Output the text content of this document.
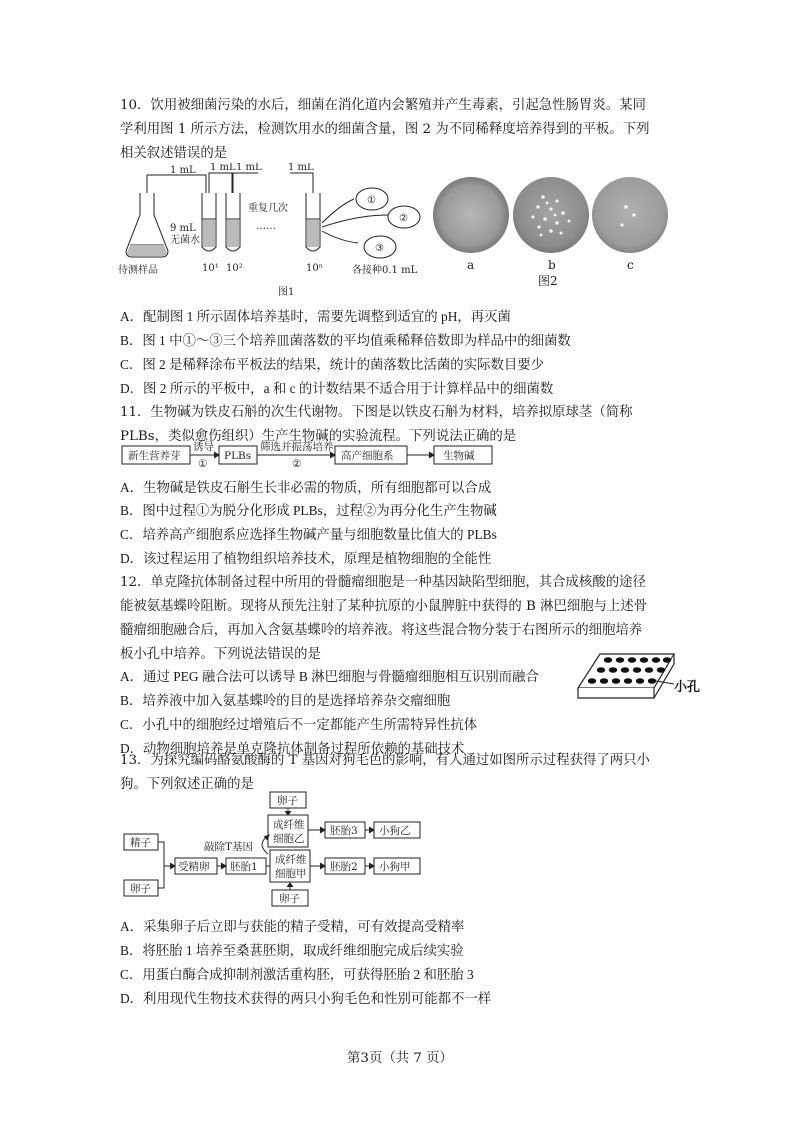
10．饮用被细菌污染的水后，细菌在消化道内会繁殖并产生毒素，引起急性肠胃炎。某同
学利用图 1 所示方法，检测饮用水的细菌含量，图 2 为不同稀释度培养得到的平板。下列
相关叙述错误的是
1 mL 1 mL 1 mL	1 mL
9 mL
无菌水
待测样品
重复几次
……
10¹ 10²	10ⁿ
①
②
③
各接种0.1 mL
图1
a	b	c
图2
A．配制图 1 所示固体培养基时，需要先调整到适宜的 pH，再灭菌
B．图 1 中①～③三个培养皿菌落数的平均值乘稀释倍数即为样品中的细菌数
C．图 2 是稀释涂布平板法的结果，统计的菌落数比活菌的实际数目要少
D．图 2 所示的平板中，a 和 c 的计数结果不适合用于计算样品中的细菌数
11．生物碱为铁皮石斛的次生代谢物。下图是以铁皮石斛为材料，培养拟原球茎（简称
PLBs，类似愈伤组织）生产生物碱的实验流程。下列说法正确的是
新生营养芽
诱导
①
PLBs
筛选并振荡培养
②
高产细胞系	生物碱
A．生物碱是铁皮石斛生长非必需的物质，所有细胞都可以合成
B．图中过程①为脱分化形成 PLBs，过程②为再分化生产生物碱
C．培养高产细胞系应选择生物碱产量与细胞数量比值大的 PLBs
D．该过程运用了植物组织培养技术，原理是植物细胞的全能性
12．单克隆抗体制备过程中所用的骨髓瘤细胞是一种基因缺陷型细胞，其合成核酸的途径
能被氨基蝶呤阻断。现将从预先注射了某种抗原的小鼠脾脏中获得的 B 淋巴细胞与上述骨
髓瘤细胞融合后，再加入含氨基蝶呤的培养液。将这些混合物分装于右图所示的细胞培养
板小孔中培养。下列说法错误的是
小孔
A．通过 PEG 融合法可以诱导 B 淋巴细胞与骨髓瘤细胞相互识别而融合
B．培养液中加入氨基蝶呤的目的是选择培养杂交瘤细胞
C．小孔中的细胞经过增殖后不一定都能产生所需特异性抗体
D．动物细胞培养是单克隆抗体制备过程所依赖的基础技术
13．为探究编码酪氨酸酶的 T 基因对狗毛色的影响，有人通过如图所示过程获得了两只小
狗。下列叙述正确的是
卵子
成纤维
细胞乙
胚胎3 小狗乙
敲除T基因
精子
卵子
受精卵 胚胎1
成纤维
细胞甲
胚胎2 小狗甲
卵子
A．采集卵子后立即与获能的精子受精，可有效提高受精率
B．将胚胎 1 培养至桑葚胚期，取成纤维细胞完成后续实验
C．用蛋白酶合成抑制剂激活重构胚，可获得胚胎 2 和胚胎 3
D．利用现代生物技术获得的两只小狗毛色和性别可能都不一样
第3页（共 7 页）
